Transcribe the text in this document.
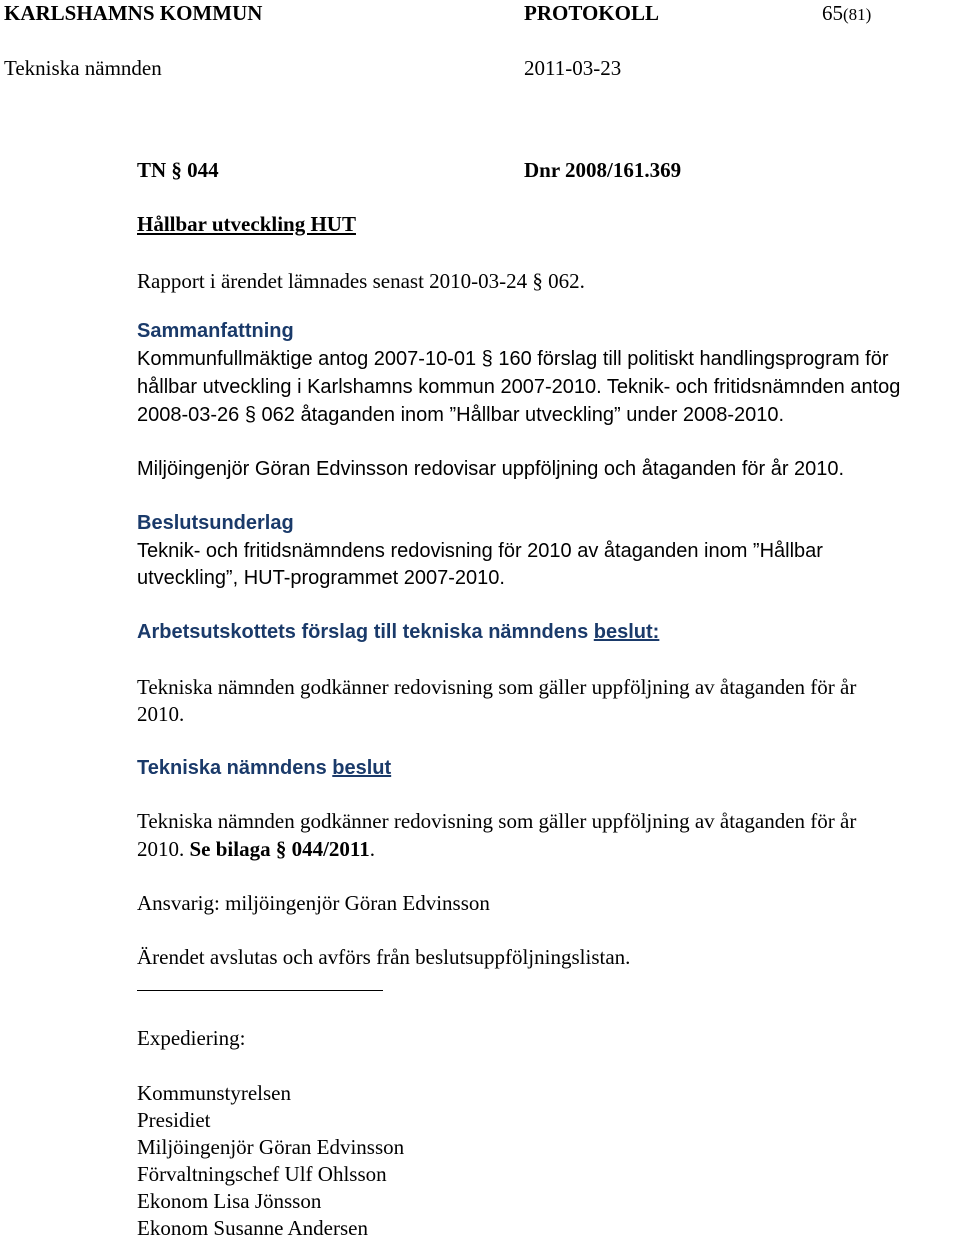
KARLSHAMNS KOMMUN	PROTOKOLL	65(81)
Tekniska nämnden	2011-03-23
TN § 044	Dnr 2008/161.369
Hållbar utveckling HUT
Rapport i ärendet lämnades senast 2010-03-24 § 062.
Sammanfattning
Kommunfullmäktige antog 2007-10-01 § 160 förslag till politiskt handlingsprogram för
hållbar utveckling i Karlshamns kommun 2007-2010. Teknik- och fritidsnämnden antog
2008-03-26 § 062 åtaganden inom ”Hållbar utveckling” under 2008-2010.
Miljöingenjör Göran Edvinsson redovisar uppföljning och åtaganden för år 2010.
Beslutsunderlag
Teknik- och fritidsnämndens redovisning för 2010 av åtaganden inom ”Hållbar
utveckling”, HUT-programmet 2007-2010.
Arbetsutskottets förslag till tekniska nämndens beslut:
Tekniska nämnden godkänner redovisning som gäller uppföljning av åtaganden för år
2010.
Tekniska nämndens beslut
Tekniska nämnden godkänner redovisning som gäller uppföljning av åtaganden för år
2010. Se bilaga § 044/2011.
Ansvarig: miljöingenjör Göran Edvinsson
Ärendet avslutas och avförs från beslutsuppföljningslistan.
Expediering:
Kommunstyrelsen
Presidiet
Miljöingenjör Göran Edvinsson
Förvaltningschef Ulf Ohlsson
Ekonom Lisa Jönsson
Ekonom Susanne Andersen
